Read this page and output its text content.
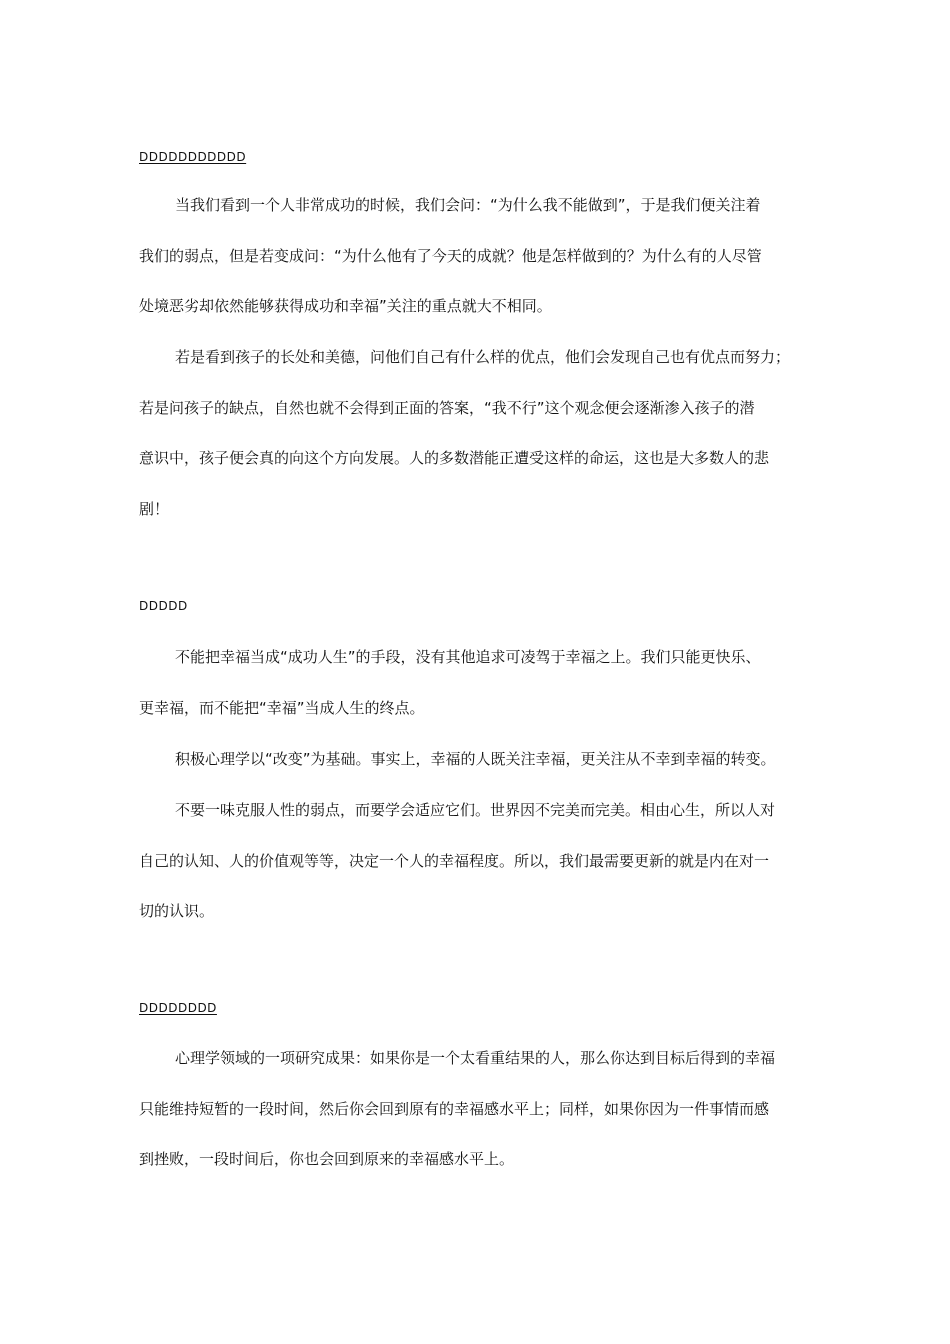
DDDDDDDDDDD
当我们看到一个人非常成功的时候，我们会问：“为什么我不能做到”，于是我们便关注着
我们的弱点，但是若变成问：“为什么他有了今天的成就？他是怎样做到的？为什么有的人尽管
处境恶劣却依然能够获得成功和幸福”关注的重点就大不相同。
若是看到孩子的长处和美德，问他们自己有什么样的优点，他们会发现自己也有优点而努力；
若是问孩子的缺点，自然也就不会得到正面的答案，“我不行”这个观念便会逐渐渗入孩子的潜
意识中，孩子便会真的向这个方向发展。人的多数潜能正遭受这样的命运，这也是大多数人的悲
剧！
DDDDD
不能把幸福当成“成功人生”的手段，没有其他追求可凌驾于幸福之上。我们只能更快乐、
更幸福，而不能把“幸福”当成人生的终点。
积极心理学以“改变”为基础。事实上，幸福的人既关注幸福，更关注从不幸到幸福的转变。
不要一味克服人性的弱点，而要学会适应它们。世界因不完美而完美。相由心生，所以人对
自己的认知、人的价值观等等，决定一个人的幸福程度。所以，我们最需要更新的就是内在对一
切的认识。
DDDDDDDD
心理学领域的一项研究成果：如果你是一个太看重结果的人，那么你达到目标后得到的幸福
只能维持短暂的一段时间，然后你会回到原有的幸福感水平上；同样，如果你因为一件事情而感
到挫败，一段时间后，你也会回到原来的幸福感水平上。
